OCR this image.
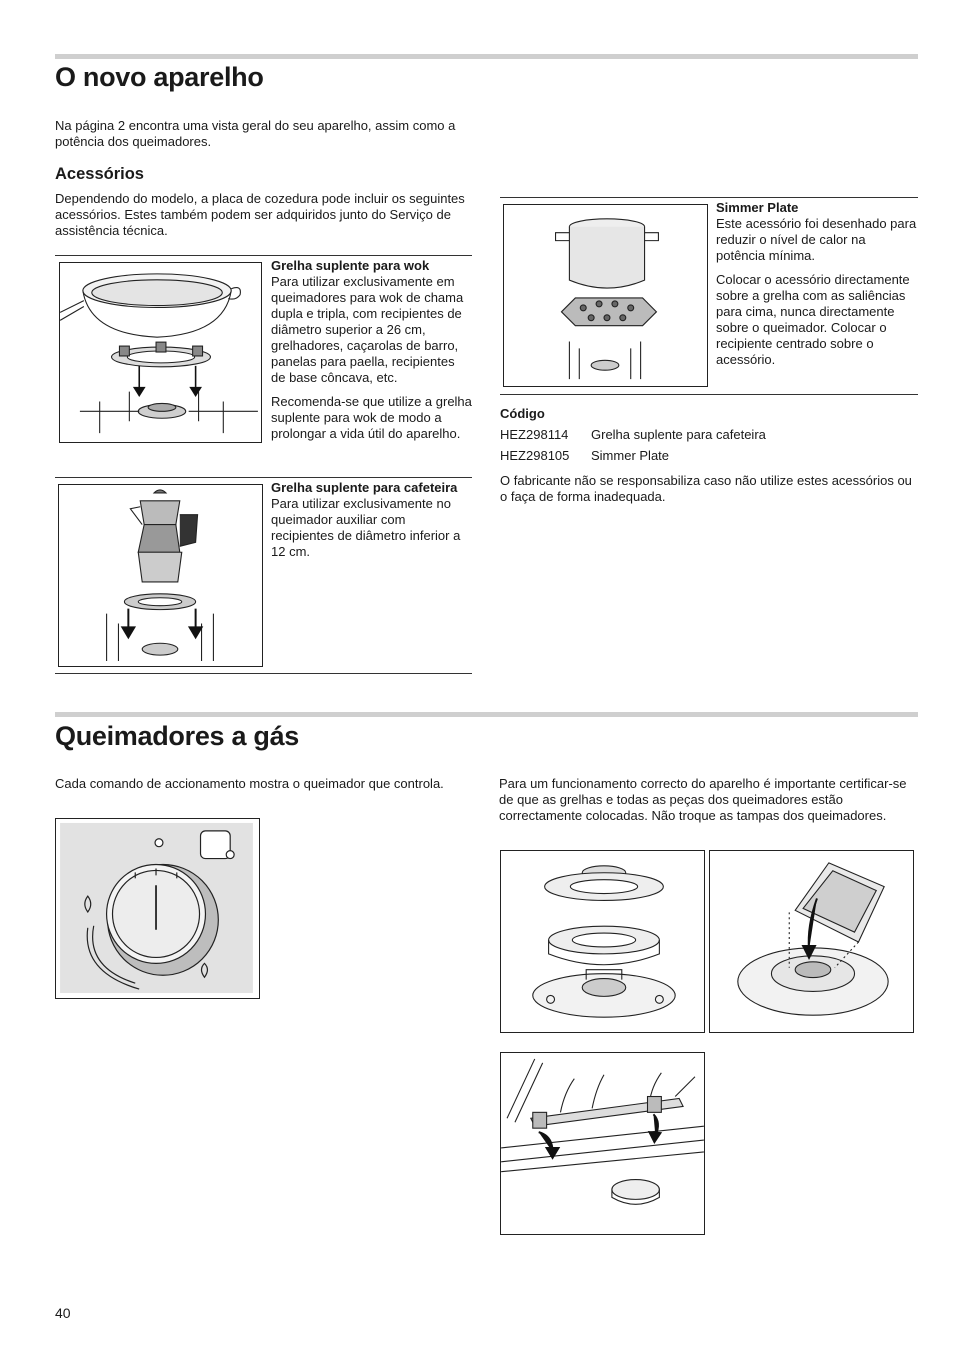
O novo aparelho
Na página 2 encontra uma vista geral do seu aparelho, assim como a potência dos queimadores.
Acessórios
Dependendo do modelo, a placa de cozedura pode incluir os seguintes acessórios. Estes também podem ser adquiridos junto do Serviço de assistência técnica.
Grelha suplente para wok

Para utilizar exclusivamente em queimadores para wok de chama dupla e tripla, com recipientes de diâmetro superior a 26 cm, grelhadores, caçarolas de barro, panelas para paella, recipientes de base côncava, etc.

Recomenda-se que utilize a grelha suplente para wok de modo a prolongar a vida útil do aparelho.

Grelha suplente para cafeteira

Para utilizar exclusivamente no queimador auxiliar com recipientes de diâmetro inferior a 12 cm.

Simmer Plate

Este acessório foi desenhado para reduzir o nível de calor na potência mínima.

Colocar o acessório directamente sobre a grelha com as saliências para cima, nunca directamente sobre o queimador. Colocar o recipiente centrado sobre o acessório.

Código
HEZ298114	Grelha suplente para cafeteira
HEZ298105	Simmer Plate

O fabricante não se responsabiliza caso não utilize estes acessórios ou o faça de forma inadequada.

Queimadores a gás
Cada comando de accionamento mostra o queimador que controla.	Para um funcionamento correcto do aparelho é importante certificar-se de que as grelhas e todas as peças dos queimadores estão correctamente colocadas. Não troque as tampas dos queimadores.
40
